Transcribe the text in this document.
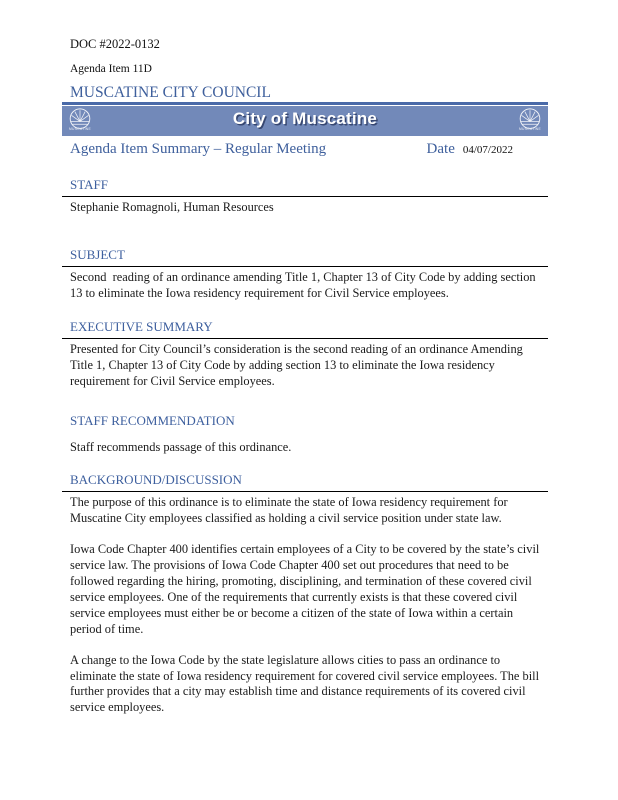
DOC #2022-0132
Agenda Item 11D
MUSCATINE CITY COUNCIL
MUSCATINE
City of Muscatine
MUSCATINE
Agenda Item Summary – Regular Meeting	Date 04/07/2022
STAFF

Stephanie Romagnoli, Human Resources

SUBJECT

Second  reading of an ordinance amending Title 1, Chapter 13 of City Code by adding section 13 to eliminate the Iowa residency requirement for Civil Service employees.

EXECUTIVE SUMMARY

Presented for City Council’s consideration is the second reading of an ordinance Amending Title 1, Chapter 13 of City Code by adding section 13 to eliminate the Iowa residency requirement for Civil Service employees.

STAFF RECOMMENDATION

Staff recommends passage of this ordinance.

BACKGROUND/DISCUSSION

The purpose of this ordinance is to eliminate the state of Iowa residency requirement for Muscatine City employees classified as holding a civil service position under state law.

Iowa Code Chapter 400 identifies certain employees of a City to be covered by the state’s civil service law. The provisions of Iowa Code Chapter 400 set out procedures that need to be followed regarding the hiring, promoting, disciplining, and termination of these covered civil service employees. One of the requirements that currently exists is that these covered civil service employees must either be or become a citizen of the state of Iowa within a certain period of time.

A change to the Iowa Code by the state legislature allows cities to pass an ordinance to eliminate the state of Iowa residency requirement for covered civil service employees. The bill further provides that a city may establish time and distance requirements of its covered civil service employees.
